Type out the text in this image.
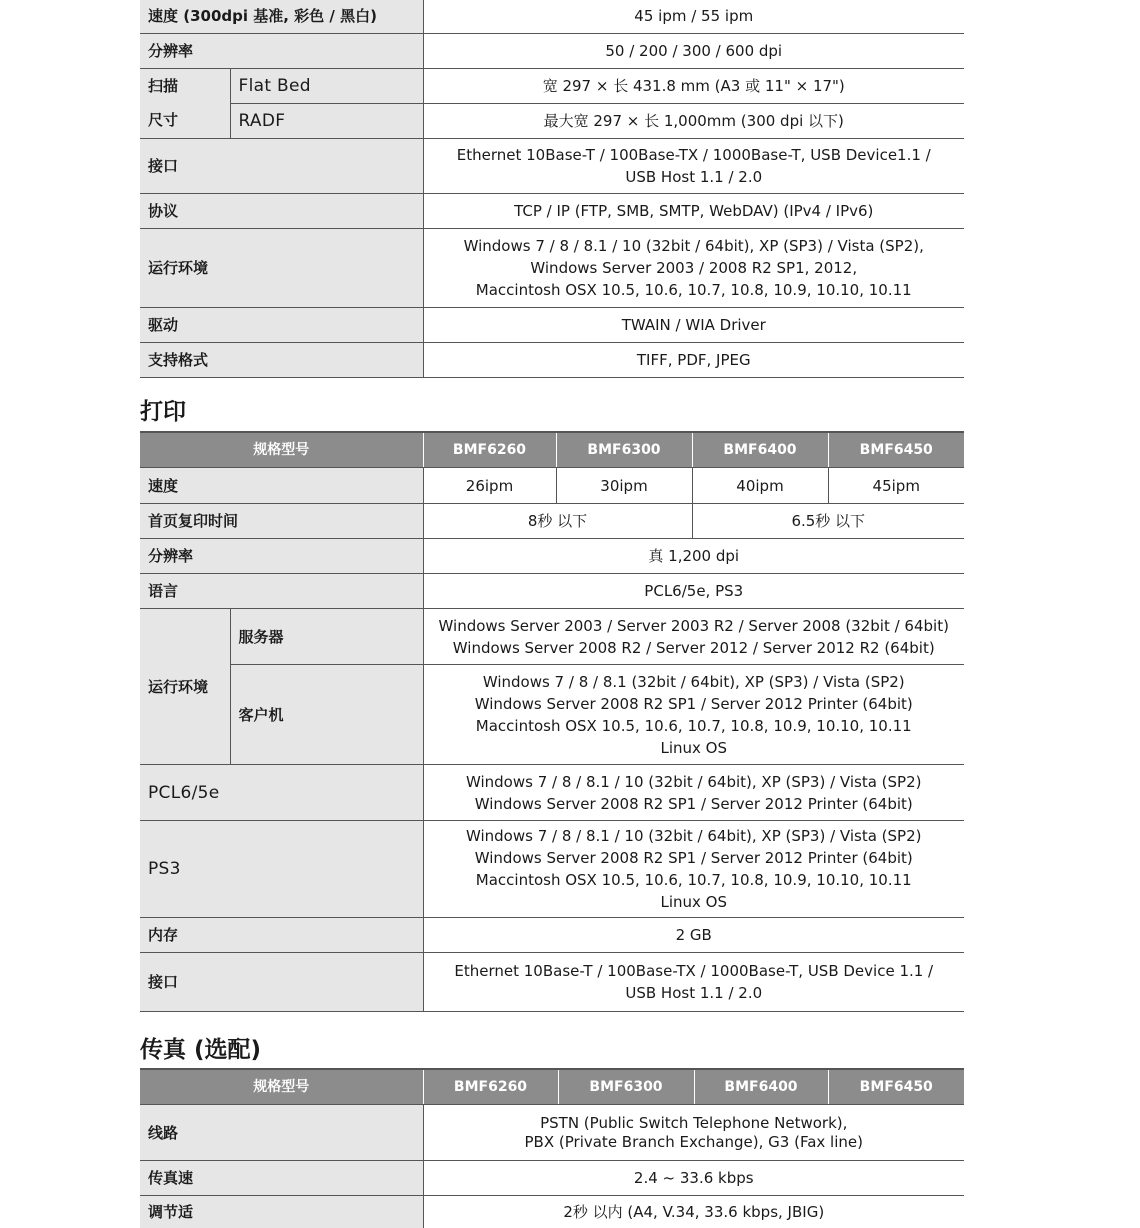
速度 (300dpi 基准, 彩色 / 黑白)		45 ipm / 55 ipm
分辨率		50 / 200 / 300 / 600 dpi
扫描	Flat Bed	宽 297 × 长 431.8 mm (A3 或 11" × 17")
尺寸	RADF	最大宽 297 × 长 1,000mm (300 dpi 以下)
接口		Ethernet 10Base-T / 100Base-TX / 1000Base-T, USB Device1.1 /
USB Host 1.1 / 2.0

协议		TCP / IP (FTP, SMB, SMTP, WebDAV) (IPv4 / IPv6)
运行环境		Windows 7 / 8 / 8.1 / 10 (32bit / 64bit), XP (SP3) / Vista (SP2),
Windows Server 2003 / 2008 R2 SP1, 2012,
Maccintosh OSX 10.5, 10.6, 10.7, 10.8, 10.9, 10.10, 10.11

驱动		TWAIN / WIA Driver
支持格式		TIFF, PDF, JPEG
打印
规格型号		BMF6260	BMF6300	BMF6400	BMF6450
速度		26ipm	30ipm	40ipm	45ipm
首页复印时间		8秒 以下		6.5秒 以下	
分辨率		真 1,200 dpi			
语言		PCL6/5e, PS3			
运行环境	服务器	Windows Server 2003 / Server 2003 R2 / Server 2008 (32bit / 64bit)
Windows Server 2008 R2 / Server 2012 / Server 2012 R2 (64bit)			

	客户机	Windows 7 / 8 / 8.1 (32bit / 64bit), XP (SP3) / Vista (SP2)
Windows Server 2008 R2 SP1 / Server 2012 Printer (64bit)
Maccintosh OSX 10.5, 10.6, 10.7, 10.8, 10.9, 10.10, 10.11
Linux OS			

PCL6/5e		Windows 7 / 8 / 8.1 / 10 (32bit / 64bit), XP (SP3) / Vista (SP2)
Windows Server 2008 R2 SP1 / Server 2012 Printer (64bit)			

PS3		Windows 7 / 8 / 8.1 / 10 (32bit / 64bit), XP (SP3) / Vista (SP2)
Windows Server 2008 R2 SP1 / Server 2012 Printer (64bit)
Maccintosh OSX 10.5, 10.6, 10.7, 10.8, 10.9, 10.10, 10.11
Linux OS			

内存		2 GB			
接口		Ethernet 10Base-T / 100Base-TX / 1000Base-T, USB Device 1.1 /
USB Host 1.1 / 2.0			
传真 (选配)
规格型号	BMF6260	BMF6300	BMF6400	BMF6450
线路	PSTN (Public Switch Telephone Network),
PBX (Private Branch Exchange), G3 (Fax line)			

传真速	2.4 ~ 33.6 kbps			
调节适	2秒 以内 (A4, V.34, 33.6 kbps, JBIG)			
